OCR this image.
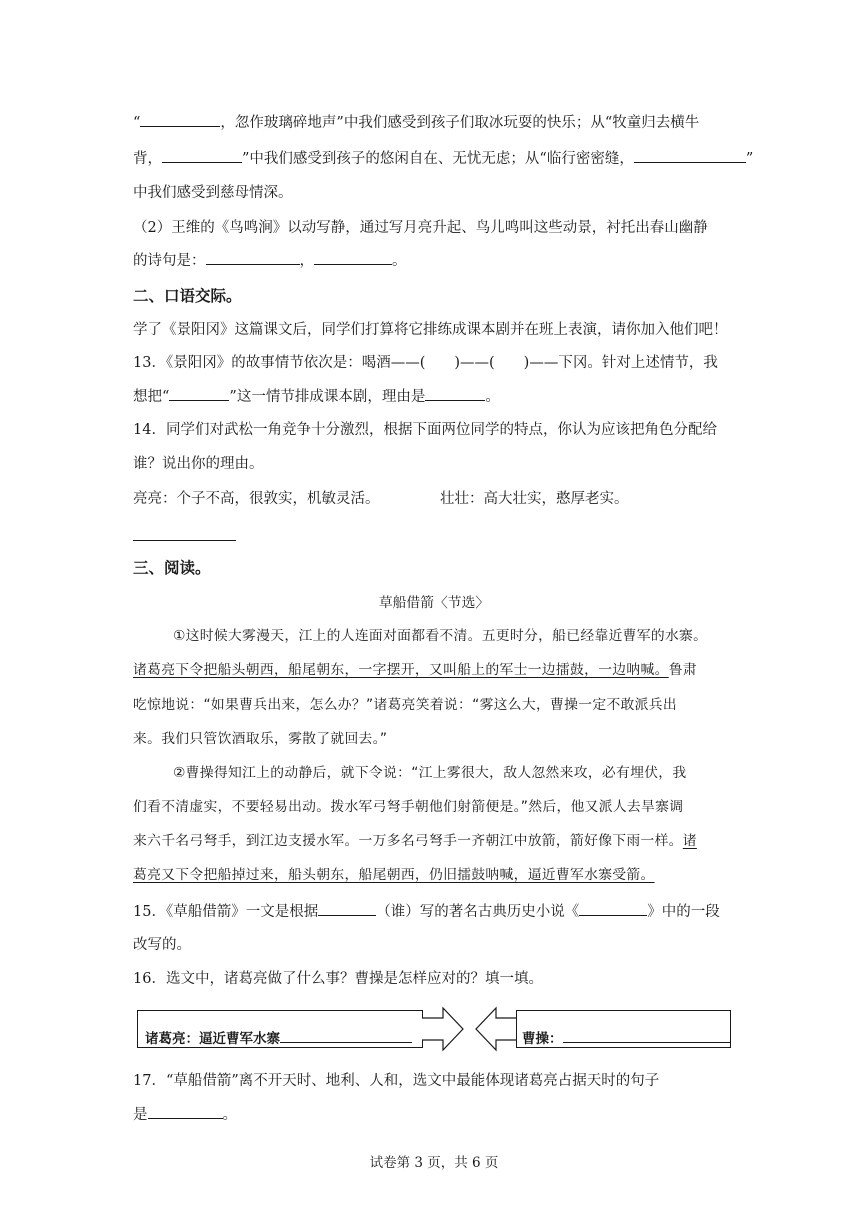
“	，忽作玻璃碎地声”中我们感受到孩子们取冰玩耍的快乐；从“牧童归去横牛
背，	”中我们感受到孩子的悠闲自在、无忧无虑；从“临行密密缝，	”
中我们感受到慈母情深。
（2）王维的《鸟鸣涧》以动写静，通过写月亮升起、鸟儿鸣叫这些动景，衬托出春山幽静
的诗句是：	，	。
二、口语交际。
学了《景阳冈》这篇课文后，同学们打算将它排练成课本剧并在班上表演，请你加入他们吧！
13．《景阳冈》的故事情节依次是：喝酒——(　　)——(　　)——下冈。针对上述情节，我
想把“	”这一情节排成课本剧，理由是	。
14．同学们对武松一角竞争十分激烈，根据下面两位同学的特点，你认为应该把角色分配给
谁？说出你的理由。
亮亮：个子不高，很敦实，机敏灵活。	壮壮：高大壮实，憨厚老实。
三、阅读。
草船借箭〈节选〉
①这时候大雾漫天，江上的人连面对面都看不清。五更时分，船已经靠近曹军的水寨。
诸葛亮下令把船头朝西，船尾朝东，一字摆开，又叫船上的军士一边擂鼓，一边呐喊。鲁肃
吃惊地说：“如果曹兵出来，怎么办？”诸葛亮笑着说：“雾这么大，曹操一定不敢派兵出
来。我们只管饮酒取乐，雾散了就回去。”
②曹操得知江上的动静后，就下令说：“江上雾很大，敌人忽然来攻，必有埋伏，我
们看不清虚实，不要轻易出动。拨水军弓弩手朝他们射箭便是。”然后，他又派人去旱寨调
来六千名弓弩手，到江边支援水军。一万多名弓弩手一齐朝江中放箭，箭好像下雨一样。诸
葛亮又下令把船掉过来，船头朝东，船尾朝西，仍旧擂鼓呐喊，逼近曹军水寨受箭。
15．《草船借箭》一文是根据	（谁）写的著名古典历史小说《	》中的一段
改写的。
16．选文中，诸葛亮做了什么事？曹操是怎样应对的？填一填。
诸葛亮：逼近曹军水寨	曹操：
17．“草船借箭”离不开天时、地利、人和，选文中最能体现诸葛亮占据天时的句子
是	。
试卷第 3 页，共 6 页
